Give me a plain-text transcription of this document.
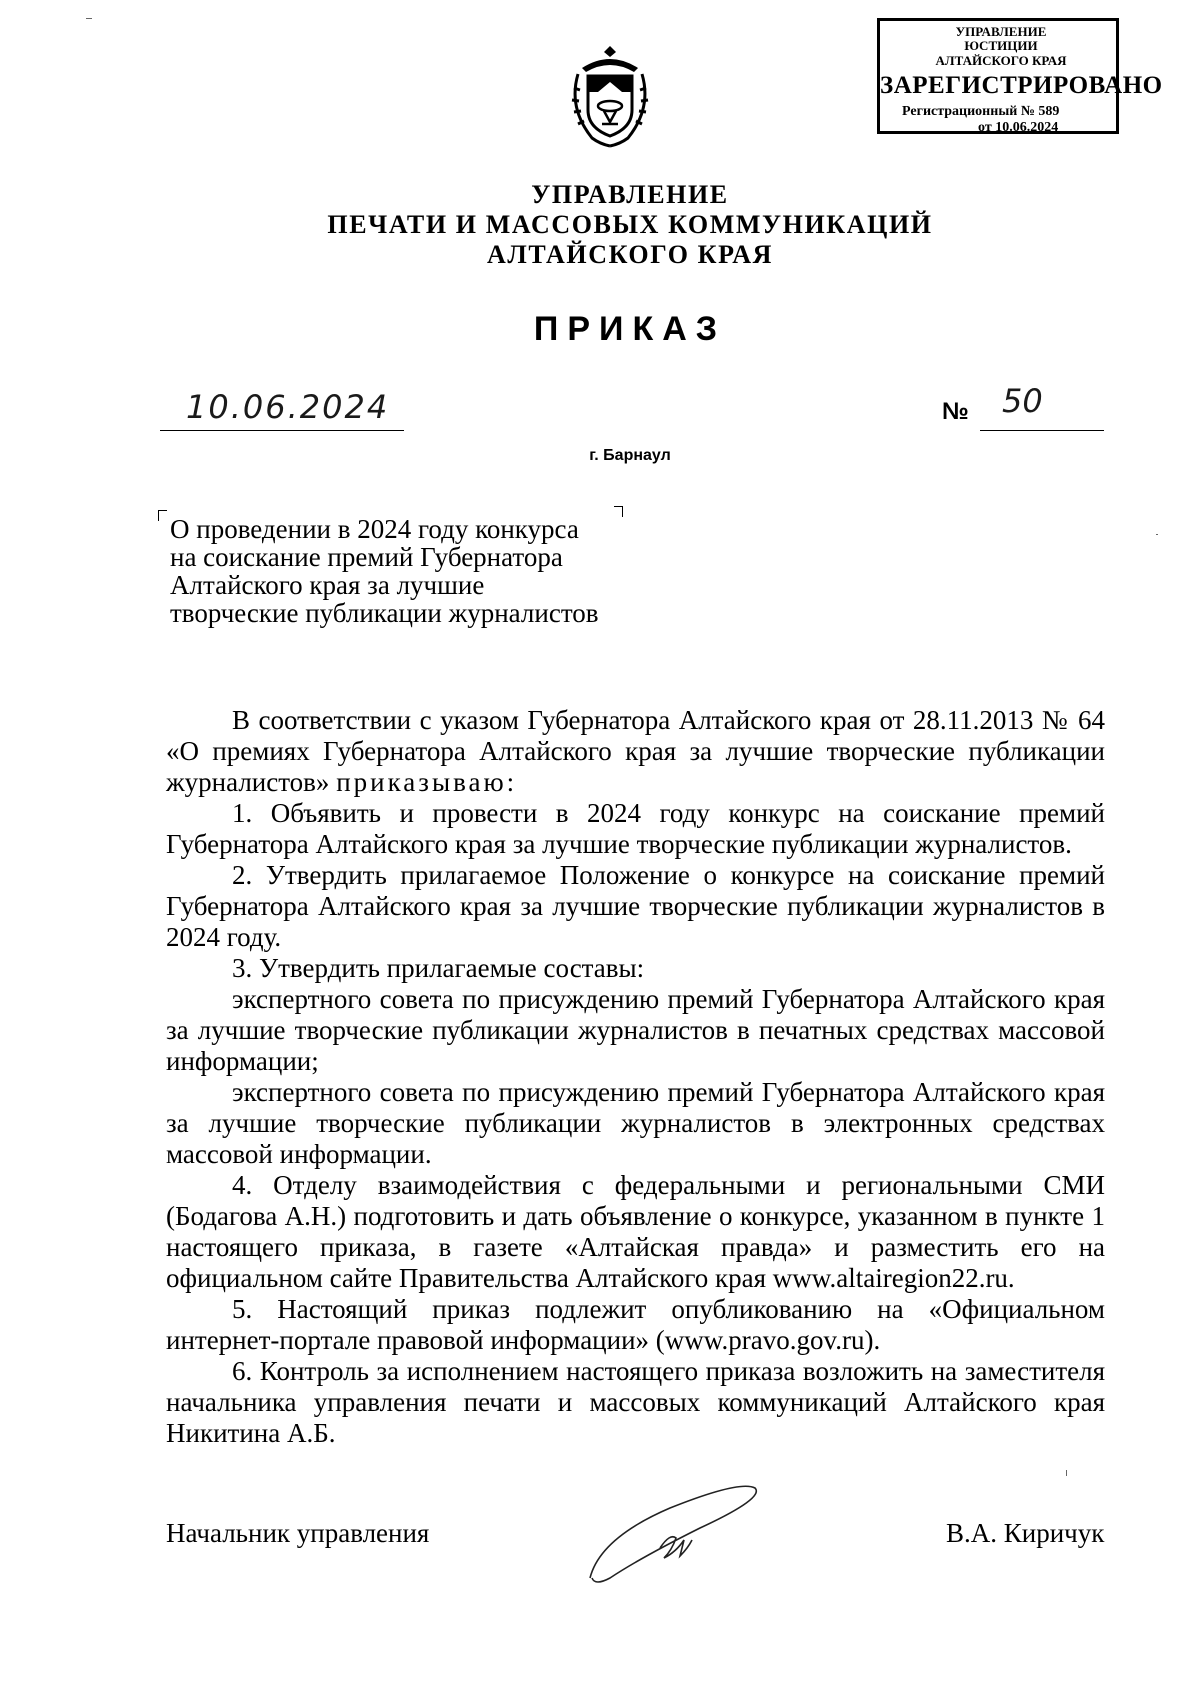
УПРАВЛЕНИЕ ЮСТИЦИИ АЛТАЙСКОГО КРАЯ
ЗАРЕГИСТРИРОВАНО
Регистрационный № 589
от 10.06.2024
УПРАВЛЕНИЕ
ПЕЧАТИ И МАССОВЫХ КОММУНИКАЦИЙ
АЛТАЙСКОГО КРАЯ
ПРИКАЗ
10.06.2024	№ 50
г. Барнаул
О проведении в 2024 году конкурса на соискание премий Губернатора Алтайского края за лучшие творческие публикации журналистов

В соответствии с указом Губернатора Алтайского края от 28.11.2013 № 64 «О премиях Губернатора Алтайского края за лучшие творческие публикации журналистов» приказываю:

1. Объявить и провести в 2024 году конкурс на соискание премий Губернатора Алтайского края за лучшие творческие публикации журналистов.

2. Утвердить прилагаемое Положение о конкурсе на соискание премий Губернатора Алтайского края за лучшие творческие публикации журналистов в 2024 году.

3. Утвердить прилагаемые составы:

экспертного совета по присуждению премий Губернатора Алтайского края за лучшие творческие публикации журналистов в печатных средствах массовой информации;

экспертного совета по присуждению премий Губернатора Алтайского края за лучшие творческие публикации журналистов в электронных средствах массовой информации.

4. Отделу взаимодействия с федеральными и региональными СМИ (Бодагова А.Н.) подготовить и дать объявление о конкурсе, указанном в пункте 1 настоящего приказа, в газете «Алтайская правда» и разместить его на официальном сайте Правительства Алтайского края www.altairegion22.ru.

5. Настоящий приказ подлежит опубликованию на «Официальном интернет-портале правовой информации» (www.pravo.gov.ru).

6. Контроль за исполнением настоящего приказа возложить на заместителя начальника управления печати и массовых коммуникаций Алтайского края Никитина А.Б.

Начальник управления	В.А. Киричук
